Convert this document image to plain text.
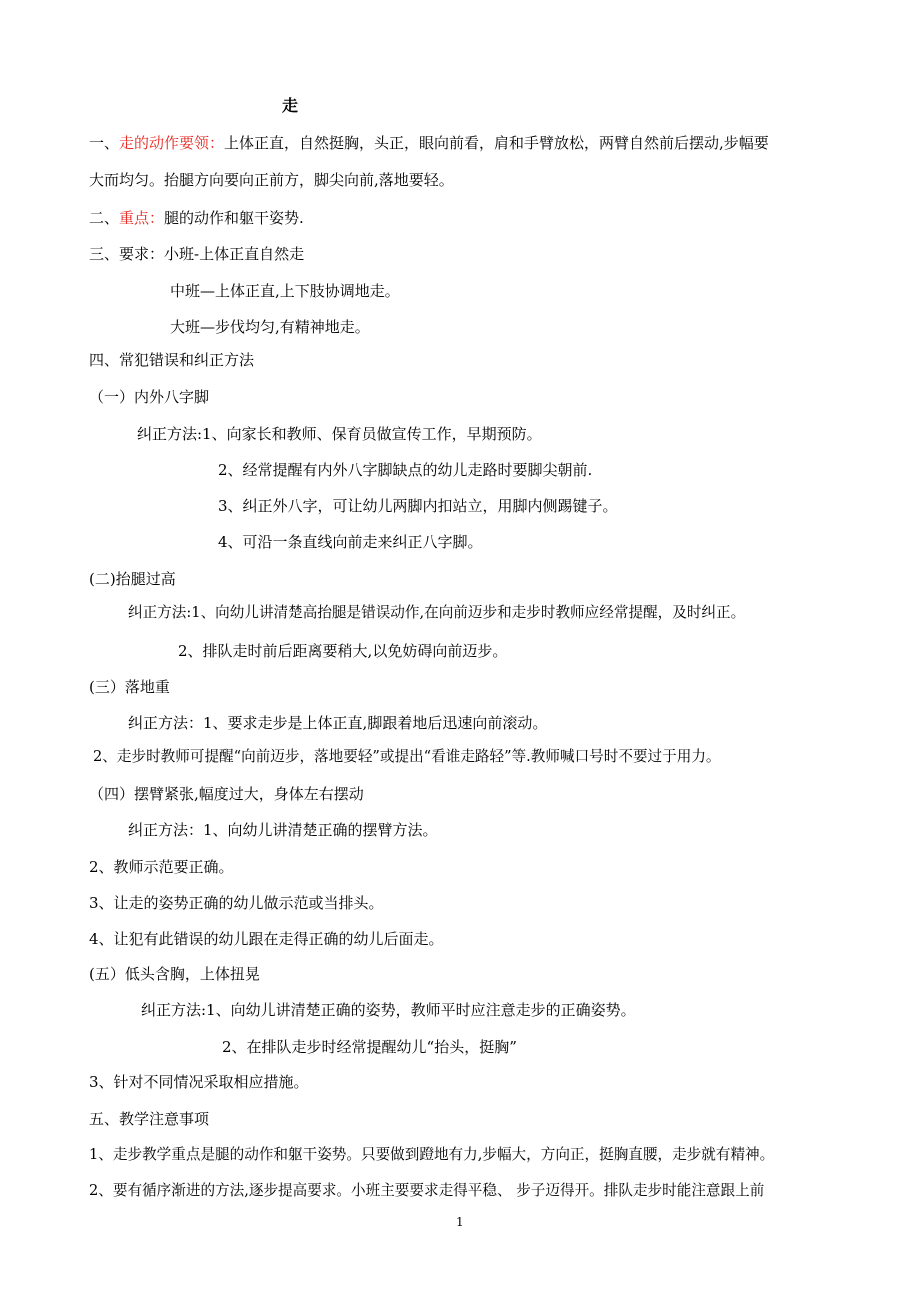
走
一、走的动作要领：上体正直，自然挺胸，头正，眼向前看，肩和手臂放松，两臂自然前后摆动,步幅要
大而均匀。抬腿方向要向正前方，脚尖向前,落地要轻。
二、重点：腿的动作和躯干姿势.
三、要求：小班-上体正直自然走
中班—上体正直,上下肢协调地走。
大班—步伐均匀,有精神地走。
四、常犯错误和纠正方法
（一）内外八字脚
纠正方法:1、向家长和教师、保育员做宣传工作，早期预防。
2、经常提醒有内外八字脚缺点的幼儿走路时要脚尖朝前.
3、纠正外八字，可让幼儿两脚内扣站立，用脚内侧踢键子。
4、可沿一条直线向前走来纠正八字脚。
(二)抬腿过高
纠正方法:1、向幼儿讲清楚高抬腿是错误动作,在向前迈步和走步时教师应经常提醒，及时纠正。
2、排队走时前后距离要稍大,以免妨碍向前迈步。
(三）落地重
纠正方法：1、要求走步是上体正直,脚跟着地后迅速向前滚动。
2、走步时教师可提醒“向前迈步，落地要轻”或提出“看谁走路轻”等.教师喊口号时不要过于用力。
（四）摆臂紧张,幅度过大，身体左右摆动
纠正方法：1、向幼儿讲清楚正确的摆臂方法。
2、教师示范要正确。
3、让走的姿势正确的幼儿做示范或当排头。
4、让犯有此错误的幼儿跟在走得正确的幼儿后面走。
(五）低头含胸，上体扭晃
纠正方法:1、向幼儿讲清楚正确的姿势，教师平时应注意走步的正确姿势。
2、在排队走步时经常提醒幼儿“抬头，挺胸”
3、针对不同情况采取相应措施。
五、教学注意事项
1、走步教学重点是腿的动作和躯干姿势。只要做到蹬地有力,步幅大，方向正，挺胸直腰，走步就有精神。
2、要有循序渐进的方法,逐步提高要求。小班主要要求走得平稳、 步子迈得开。排队走步时能注意跟上前
1
